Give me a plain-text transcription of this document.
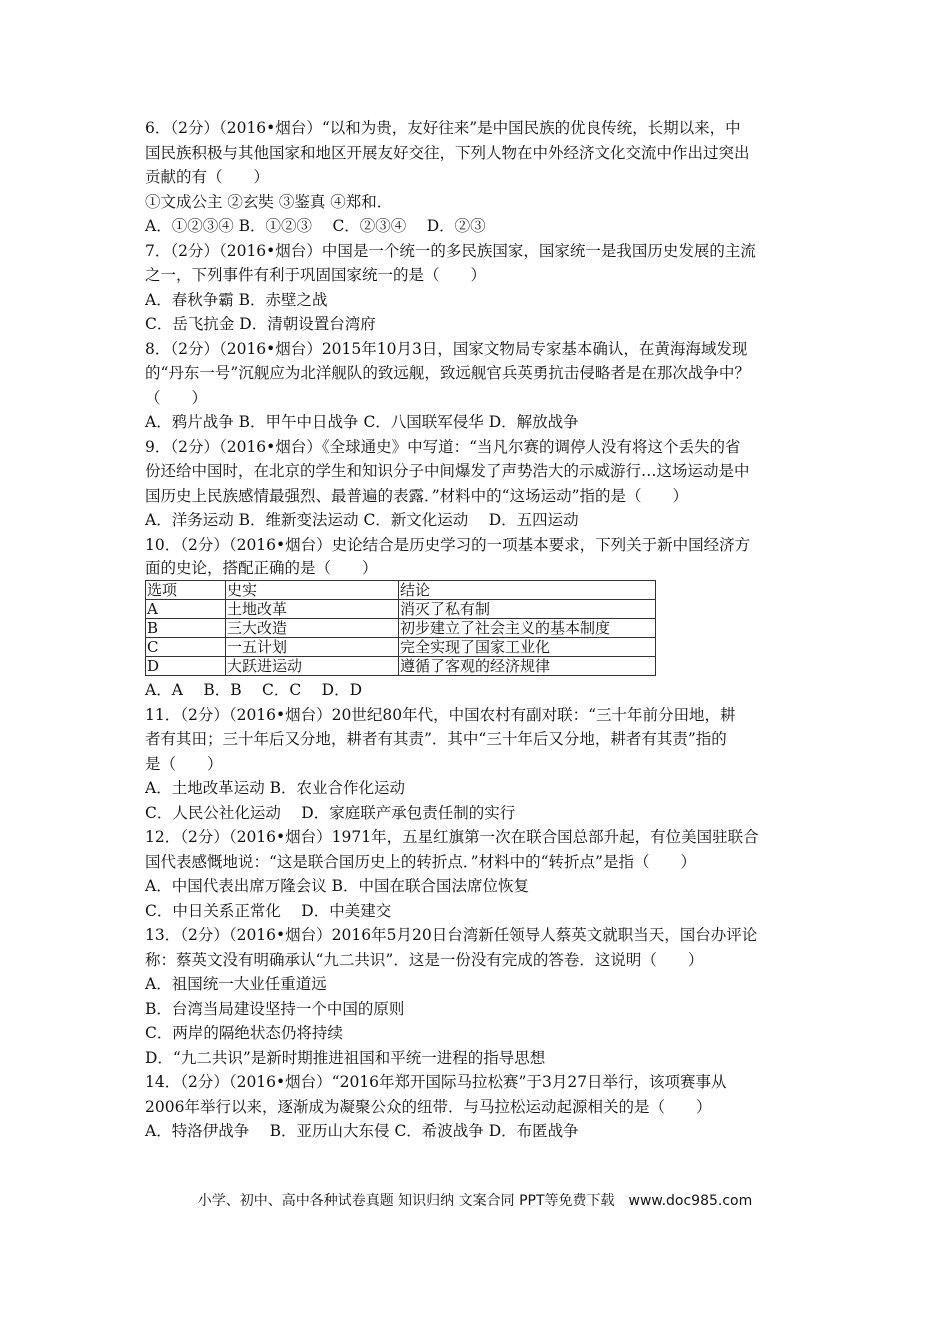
6．（2分）（2016•烟台）“以和为贵，友好往来”是中国民族的优良传统，长期以来，中
国民族积极与其他国家和地区开展友好交往，下列人物在中外经济文化交流中作出过突出
贡献的有（　　）
①文成公主 ②玄奘 ③鉴真 ④郑和．
A．①②③④ B．①②③　 C．②③④　 D．②③
7．（2分）（2016•烟台）中国是一个统一的多民族国家，国家统一是我国历史发展的主流
之一，下列事件有利于巩固国家统一的是（　　）
A．春秋争霸 B．赤壁之战
C．岳飞抗金 D．清朝设置台湾府
8．（2分）（2016•烟台）2015年10月3日，国家文物局专家基本确认，在黄海海域发现
的“丹东一号”沉舰应为北洋舰队的致远舰，致远舰官兵英勇抗击侵略者是在那次战争中？
（　　）
A．鸦片战争 B．甲午中日战争 C．八国联军侵华 D．解放战争
9．（2分）（2016•烟台）《全球通史》中写道：“当凡尔赛的调停人没有将这个丢失的省
份还给中国时，在北京的学生和知识分子中间爆发了声势浩大的示威游行…这场运动是中
国历史上民族感情最强烈、最普遍的表露．”材料中的“这场运动”指的是（　　）
A．洋务运动 B．维新变法运动 C．新文化运动　 D．五四运动
10．（2分）（2016•烟台）史论结合是历史学习的一项基本要求，下列关于新中国经济方
面的史论，搭配正确的是（　　）
选项	史实	结论
A	土地改革	消灭了私有制
B	三大改造	初步建立了社会主义的基本制度
C	一五计划	完全实现了国家工业化
D	大跃进运动	遵循了客观的经济规律
A．A　 B．B　 C．C　 D．D
11．（2分）（2016•烟台）20世纪80年代，中国农村有副对联：“三十年前分田地，耕
者有其田；三十年后又分地，耕者有其责”．其中“三十年后又分地，耕者有其责”指的
是（　　）
A．土地改革运动 B．农业合作化运动
C．人民公社化运动　 D．家庭联产承包责任制的实行
12．（2分）（2016•烟台）1971年，五星红旗第一次在联合国总部升起，有位美国驻联合
国代表感慨地说：“这是联合国历史上的转折点．”材料中的“转折点”是指（　　）
A．中国代表出席万隆会议 B．中国在联合国法席位恢复
C．中日关系正常化　 D．中美建交
13．（2分）（2016•烟台）2016年5月20日台湾新任领导人蔡英文就职当天，国台办评论
称：蔡英文没有明确承认“九二共识”．这是一份没有完成的答卷．这说明（　　）
A．祖国统一大业任重道远
B．台湾当局建设坚持一个中国的原则
C．两岸的隔绝状态仍将持续
D．“九二共识”是新时期推进祖国和平统一进程的指导思想
14．（2分）（2016•烟台）“2016年郑开国际马拉松赛”于3月27日举行，该项赛事从
2006年举行以来，逐渐成为凝聚公众的纽带．与马拉松运动起源相关的是（　　）
A．特洛伊战争　 B．亚历山大东侵 C．希波战争 D．布匿战争
小学、初中、高中各种试卷真题 知识归纳 文案合同 PPT等免费下载　www.doc985.com
